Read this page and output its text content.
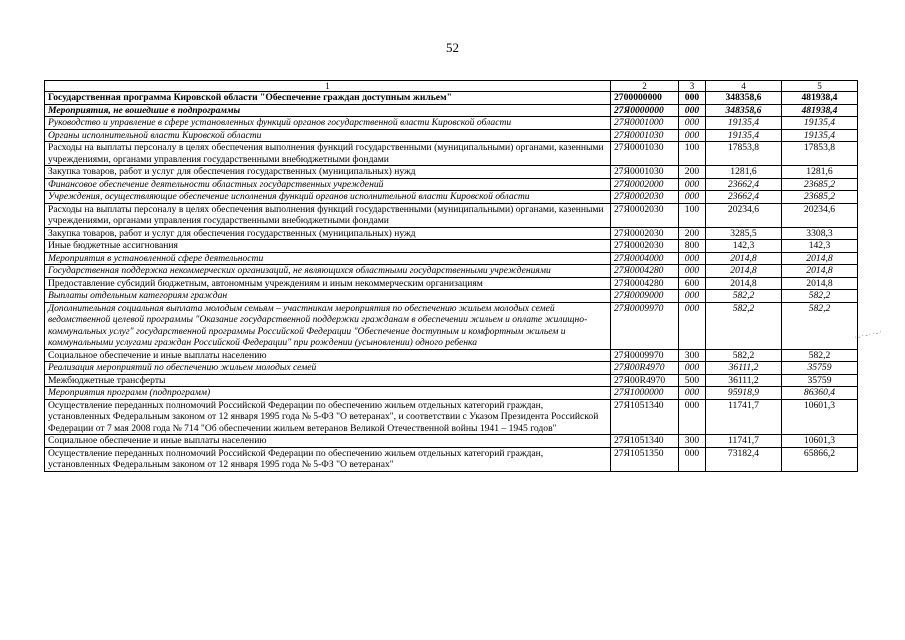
52
1	2	3	4	5
Государственная программа Кировской области "Обеспечение граждан доступным жильем"	2700000000	000	348358,6	481938,4
Мероприятия, не вошедшие в подпрограммы	27Я0000000	000	348358,6	481938,4
Руководство и управление в сфере установленных функций органов государственной власти Кировской области	27Я0001000	000	19135,4	19135,4
Органы исполнительной власти Кировской области	27Я0001030	000	19135,4	19135,4
Расходы на выплаты персоналу в целях обеспечения выполнения функций государственными (муниципальными) органами, казенными учреждениями, органами управления государственными внебюджетными фондами	27Я0001030	100	17853,8	17853,8
Закупка товаров, работ и услуг для обеспечения государственных (муниципальных) нужд	27Я0001030	200	1281,6	1281,6
Финансовое обеспечение деятельности областных государственных учреждений	27Я0002000	000	23662,4	23685,2
Учреждения, осуществляющие обеспечение исполнения функций органов исполнительной власти Кировской области	27Я0002030	000	23662,4	23685,2
Расходы на выплаты персоналу в целях обеспечения выполнения функций государственными (муниципальными) органами, казенными учреждениями, органами управления государственными внебюджетными фондами	27Я0002030	100	20234,6	20234,6
Закупка товаров, работ и услуг для обеспечения государственных (муниципальных) нужд	27Я0002030	200	3285,5	3308,3
Иные бюджетные ассигнования	27Я0002030	800	142,3	142,3
Мероприятия в установленной сфере деятельности	27Я0004000	000	2014,8	2014,8
Государственная поддержка некоммерческих организаций, не являющихся областными государственными учреждениями	27Я0004280	000	2014,8	2014,8
Предоставление субсидий бюджетным, автономным учреждениям и иным некоммерческим организациям	27Я0004280	600	2014,8	2014,8
Выплаты отдельным категориям граждан	27Я0009000	000	582,2	582,2
Дополнительная социальная выплата молодым семьям – участникам мероприятия по обеспечению жильем молодых семей ведомственной целевой программы "Оказание государственной поддержки гражданам в обеспечении жильем и оплате жилищно-коммунальных услуг" государственной программы Российской Федерации "Обеспечение доступным и комфортным жильем и коммунальными услугами граждан Российской Федерации" при рождении (усыновлении) одного ребенка	27Я0009970	000	582,2	582,2
Социальное обеспечение и иные выплаты населению	27Я0009970	300	582,2	582,2
Реализация мероприятий по обеспечению жильем молодых семей	27Я00R4970	000	36111,2	35759
Межбюджетные трансферты	27Я00R4970	500	36111,2	35759
Мероприятия программ (подпрограмм)	27Я1000000	000	95918,9	86360,4
Осуществление переданных полномочий Российской Федерации по обеспечению жильем отдельных категорий граждан, установленных Федеральным законом от 12 января 1995 года № 5-ФЗ "О ветеранах", и соответствии с Указом Президента Российской Федерации от 7 мая 2008 года № 714 "Об обеспечении жильем ветеранов Великой Отечественной войны 1941 – 1945 годов"	27Я1051340	000	11741,7	10601,3
Социальное обеспечение и иные выплаты населению	27Я1051340	300	11741,7	10601,3
Осуществление переданных полномочий Российской Федерации по обеспечению жильем отдельных категорий граждан, установленных Федеральным законом от 12 января 1995 года № 5-ФЗ "О ветеранах"	27Я1051350	000	73182,4	65866,2
·-·-··-·
